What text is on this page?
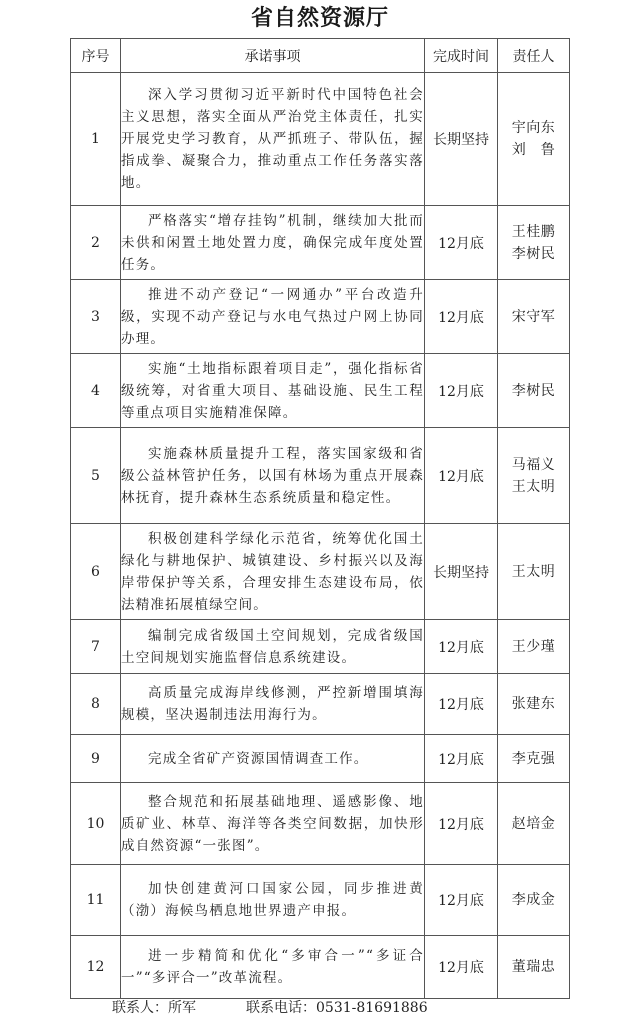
省自然资源厅
序号	承诺事项	完成时间	责任人
1	深入学习贯彻习近平新时代中国特色社会主义思想，落实全面从严治党主体责任，扎实开展党史学习教育，从严抓班子、带队伍，握指成拳、凝聚合力，推动重点工作任务落实落地。	长期坚持	宇向东
刘　鲁

2	严格落实“增存挂钩”机制，继续加大批而未供和闲置土地处置力度，确保完成年度处置任务。	12月底	王桂鹏
李树民

3	推进不动产登记“一网通办”平台改造升级，实现不动产登记与水电气热过户网上协同办理。	12月底	宋守军

4	实施“土地指标跟着项目走”，强化指标省级统筹，对省重大项目、基础设施、民生工程等重点项目实施精准保障。	12月底	李树民

5	实施森林质量提升工程，落实国家级和省级公益林管护任务，以国有林场为重点开展森林抚育，提升森林生态系统质量和稳定性。	12月底	马福义
王太明

6	积极创建科学绿化示范省，统筹优化国土绿化与耕地保护、城镇建设、乡村振兴以及海岸带保护等关系，合理安排生态建设布局，依法精准拓展植绿空间。	长期坚持	王太明

7	编制完成省级国土空间规划，完成省级国土空间规划实施监督信息系统建设。	12月底	王少瑾

8	高质量完成海岸线修测，严控新增围填海规模，坚决遏制违法用海行为。	12月底	张建东

9	完成全省矿产资源国情调查工作。	12月底	李克强

10	整合规范和拓展基础地理、遥感影像、地质矿业、林草、海洋等各类空间数据，加快形成自然资源“一张图”。	12月底	赵培金

11	加快创建黄河口国家公园，同步推进黄（渤）海候鸟栖息地世界遗产申报。	12月底	李成金

12	进一步精简和优化“多审合一”“多证合一”“多评合一”改革流程。	12月底	董瑞忠
联系人：所军	联系电话：0531-81691886
